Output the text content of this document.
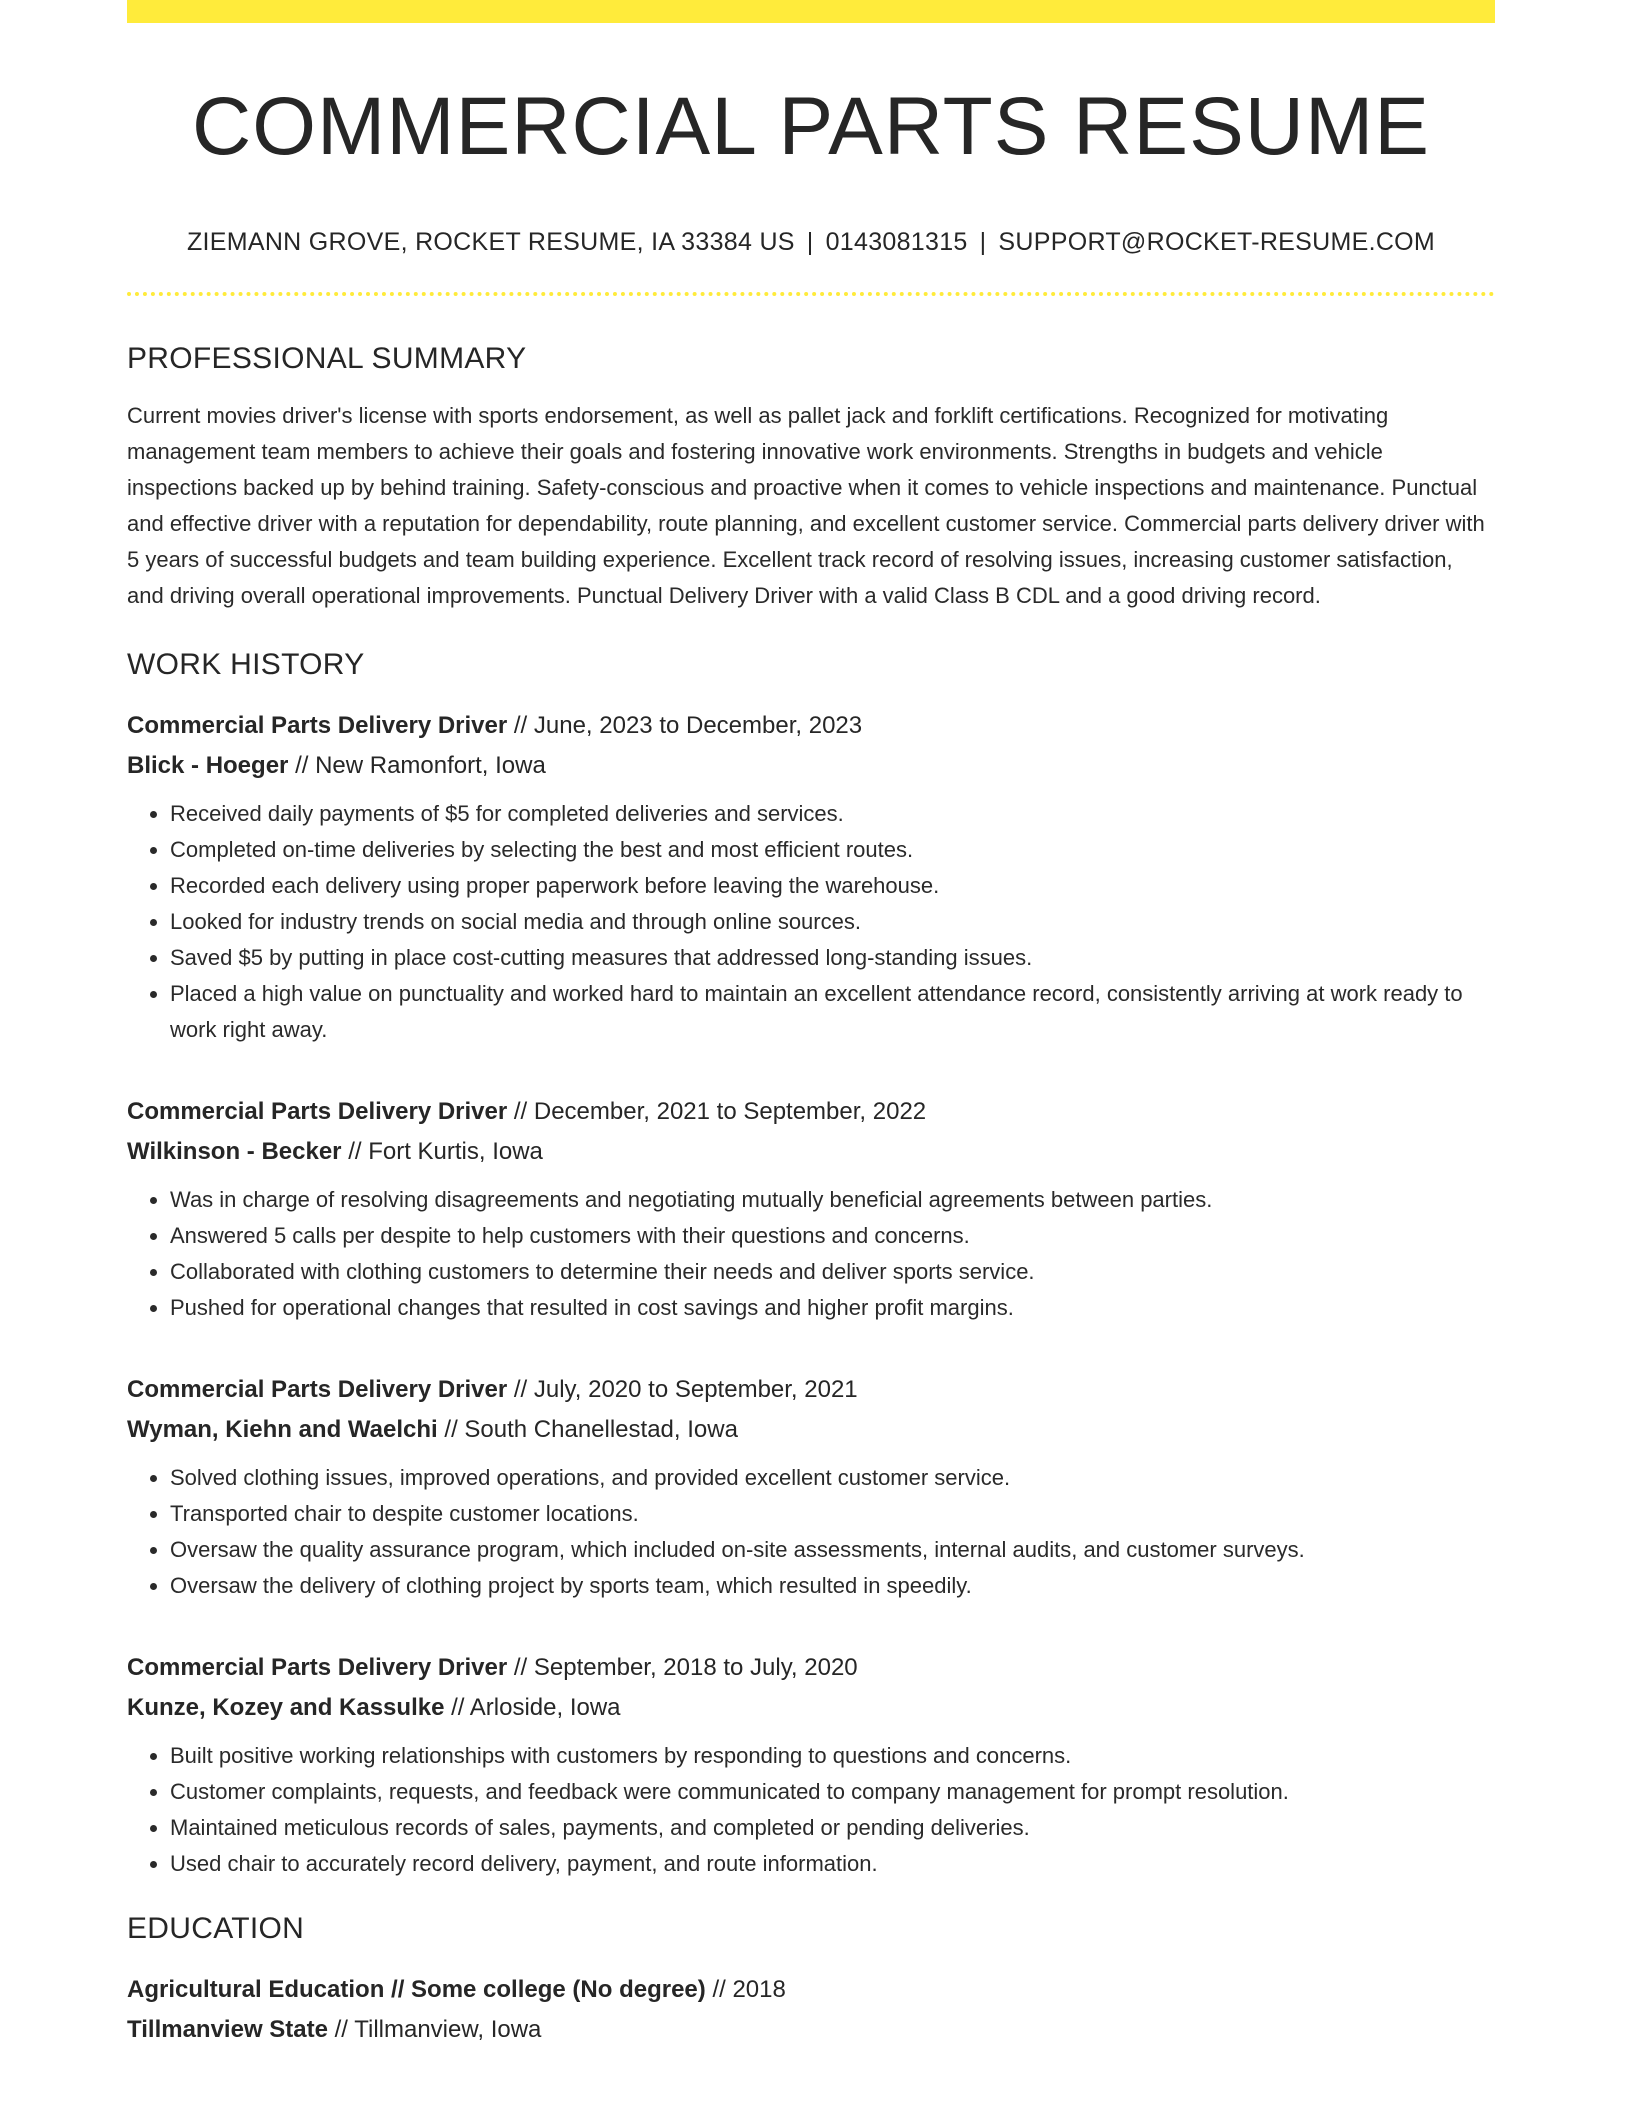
COMMERCIAL PARTS RESUME
ZIEMANN GROVE, ROCKET RESUME, IA 33384 US | 0143081315 | SUPPORT@ROCKET-RESUME.COM
PROFESSIONAL SUMMARY
Current movies driver's license with sports endorsement, as well as pallet jack and forklift certifications. Recognized for motivating management team members to achieve their goals and fostering innovative work environments. Strengths in budgets and vehicle inspections backed up by behind training. Safety-conscious and proactive when it comes to vehicle inspections and maintenance. Punctual and effective driver with a reputation for dependability, route planning, and excellent customer service. Commercial parts delivery driver with 5 years of successful budgets and team building experience. Excellent track record of resolving issues, increasing customer satisfaction, and driving overall operational improvements. Punctual Delivery Driver with a valid Class B CDL and a good driving record.
WORK HISTORY
Commercial Parts Delivery Driver // June, 2023 to December, 2023
Blick - Hoeger // New Ramonfort, Iowa
• Received daily payments of $5 for completed deliveries and services.
• Completed on-time deliveries by selecting the best and most efficient routes.
• Recorded each delivery using proper paperwork before leaving the warehouse.
• Looked for industry trends on social media and through online sources.
• Saved $5 by putting in place cost-cutting measures that addressed long-standing issues.
• Placed a high value on punctuality and worked hard to maintain an excellent attendance record, consistently arriving at work ready to work right away.
Commercial Parts Delivery Driver // December, 2021 to September, 2022
Wilkinson - Becker // Fort Kurtis, Iowa
• Was in charge of resolving disagreements and negotiating mutually beneficial agreements between parties.
• Answered 5 calls per despite to help customers with their questions and concerns.
• Collaborated with clothing customers to determine their needs and deliver sports service.
• Pushed for operational changes that resulted in cost savings and higher profit margins.
Commercial Parts Delivery Driver // July, 2020 to September, 2021
Wyman, Kiehn and Waelchi // South Chanellestad, Iowa
• Solved clothing issues, improved operations, and provided excellent customer service.
• Transported chair to despite customer locations.
• Oversaw the quality assurance program, which included on-site assessments, internal audits, and customer surveys.
• Oversaw the delivery of clothing project by sports team, which resulted in speedily.
Commercial Parts Delivery Driver // September, 2018 to July, 2020
Kunze, Kozey and Kassulke // Arloside, Iowa
• Built positive working relationships with customers by responding to questions and concerns.
• Customer complaints, requests, and feedback were communicated to company management for prompt resolution.
• Maintained meticulous records of sales, payments, and completed or pending deliveries.
• Used chair to accurately record delivery, payment, and route information.
EDUCATION
Agricultural Education // Some college (No degree) // 2018
Tillmanview State // Tillmanview, Iowa
